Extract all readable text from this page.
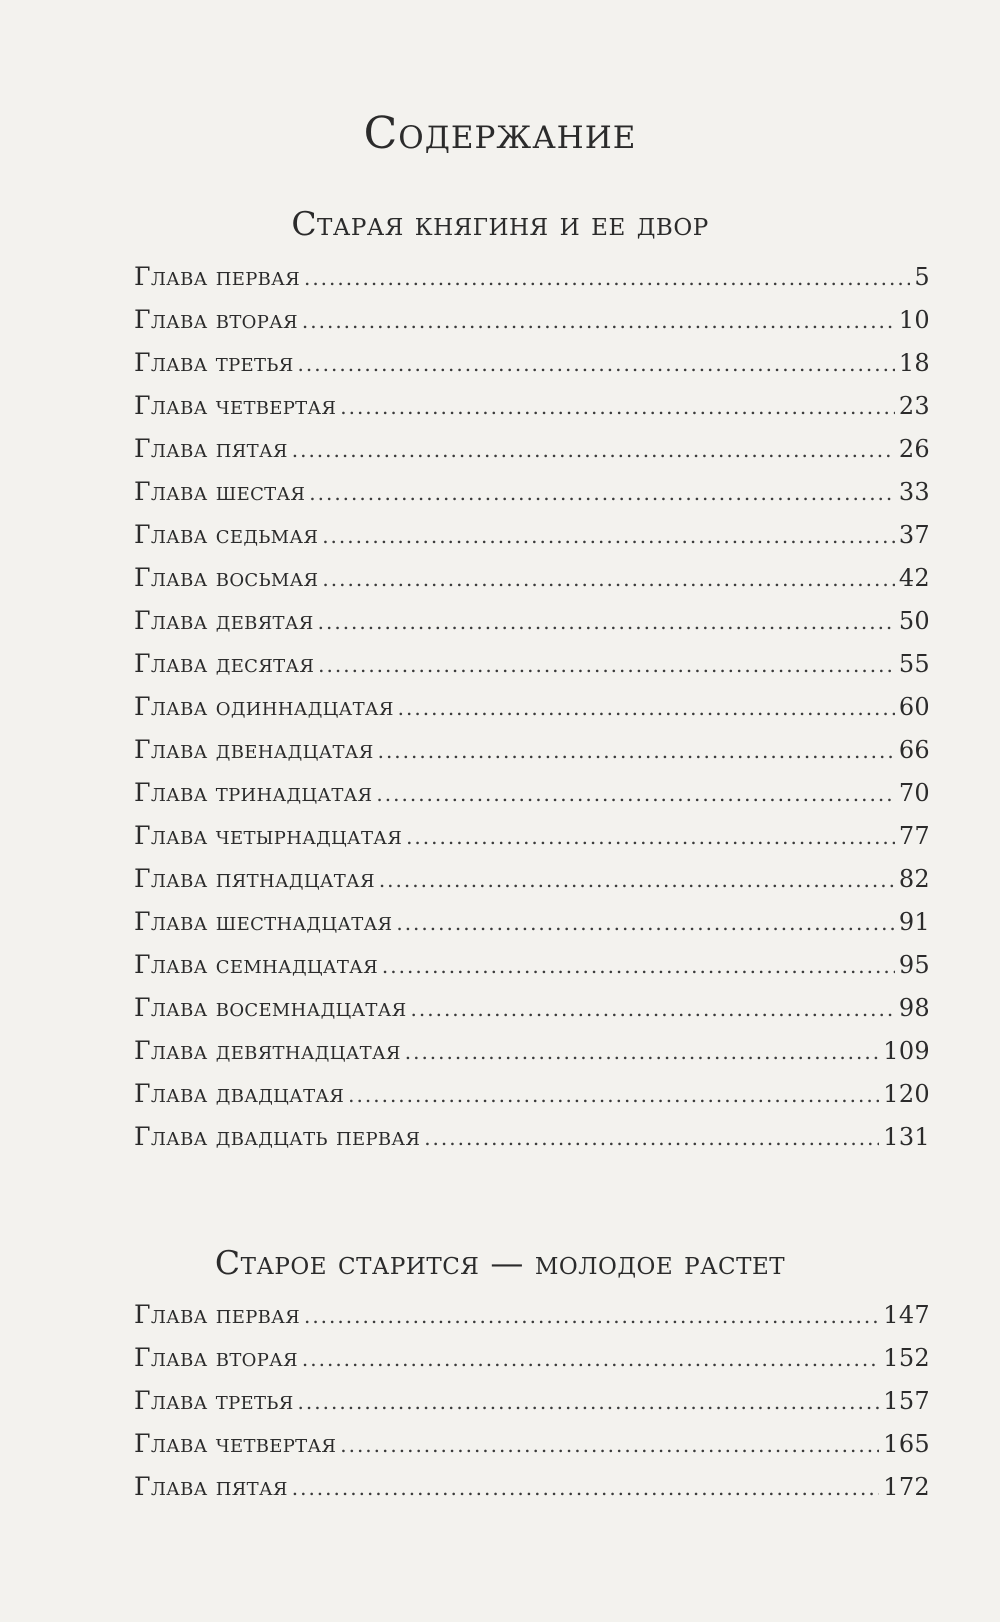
Содержание
Старая княгиня и ее двор
Глава первая .....	5
Глава вторая .....	10
Глава третья .....	18
Глава четвертая .....	23
Глава пятая .....	26
Глава шестая .....	33
Глава седьмая .....	37
Глава восьмая .....	42
Глава девятая .....	50
Глава десятая .....	55
Глава одиннадцатая .....	60
Глава двенадцатая .....	66
Глава тринадцатая .....	70
Глава четырнадцатая .....	77
Глава пятнадцатая .....	82
Глава шестнадцатая .....	91
Глава семнадцатая .....	95
Глава восемнадцатая .....	98
Глава девятнадцатая .....	109
Глава двадцатая .....	120
Глава двадцать первая .....	131
Старое старится — молодое растет
Глава первая .....	147
Глава вторая .....	152
Глава третья .....	157
Глава четвертая .....	165
Глава пятая .....	172
